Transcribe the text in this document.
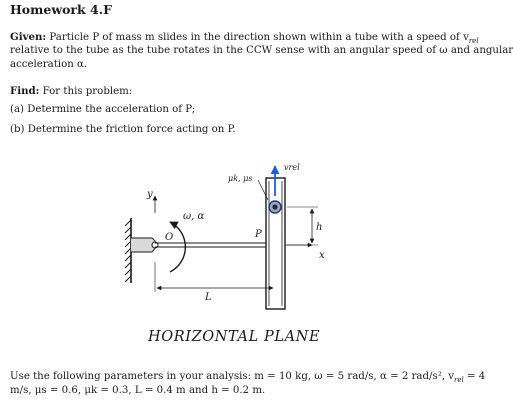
Homework 4.F
Given: Particle P of mass m slides in the direction shown within a tube with a speed of $v_{rel}$
relative to the tube as the tube rotates in the CCW sense with an angular speed of ω and angular
acceleration α.
Find: For this problem:
(a) Determine the acceleration of P;
(b) Determine the friction force acting on P.
y
x
ω, α
O	P
vrel
μk, μs
h
L
HORIZONTAL PLANE
Use the following parameters in your analysis: m = 10 kg, ω = 5 rad/s, α = 2 rad/s², $v_{rel} = 4$
m/s, μs = 0.6, μk = 0.3, L = 0.4 m and h = 0.2 m.
